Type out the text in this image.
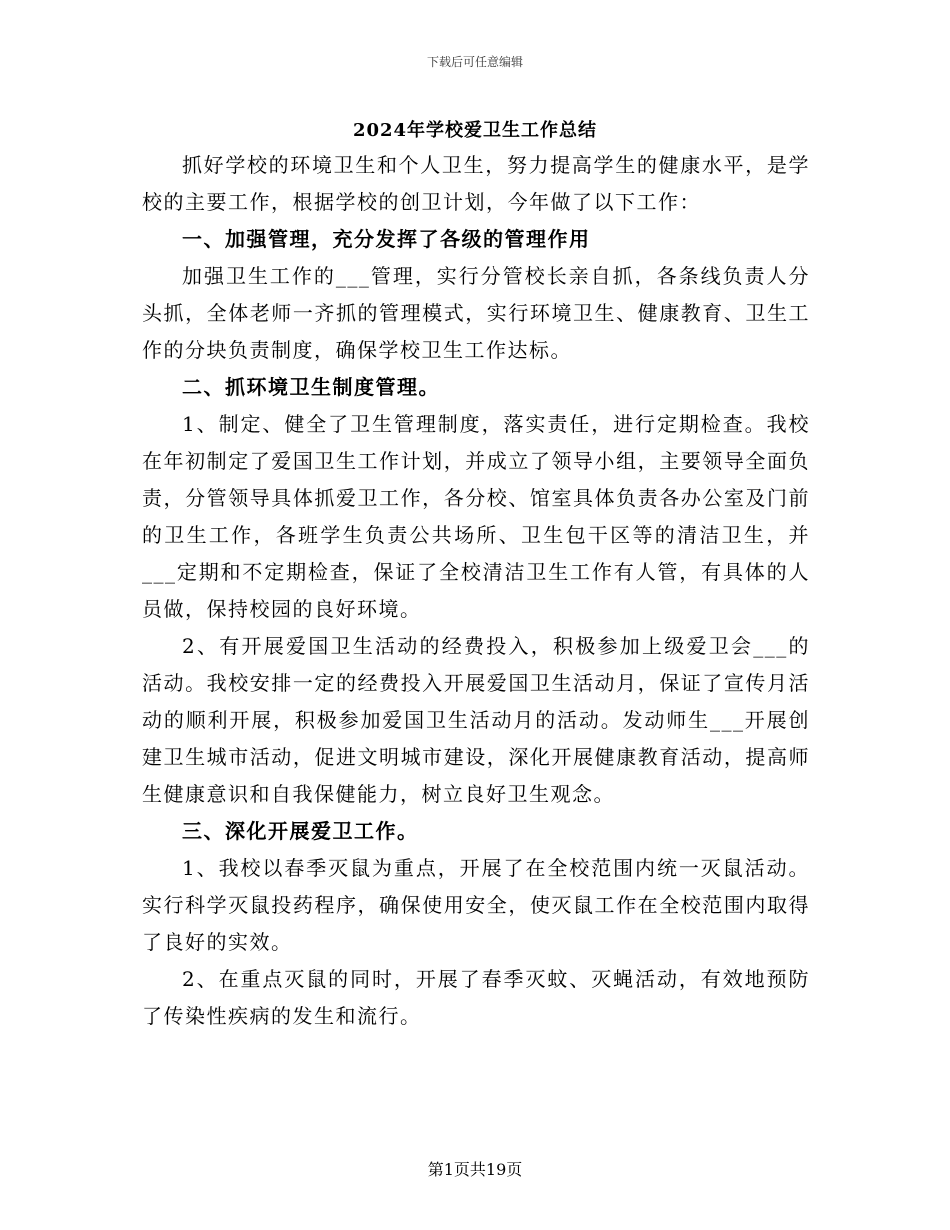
下载后可任意编辑
2024年学校爱卫生工作总结

抓好学校的环境卫生和个人卫生，努力提高学生的健康水平，是学校的主要工作，根据学校的创卫计划，今年做了以下工作：

一、加强管理，充分发挥了各级的管理作用

加强卫生工作的___管理，实行分管校长亲自抓，各条线负责人分头抓，全体老师一齐抓的管理模式，实行环境卫生、健康教育、卫生工作的分块负责制度，确保学校卫生工作达标。

二、抓环境卫生制度管理。

1、制定、健全了卫生管理制度，落实责任，进行定期检查。我校在年初制定了爱国卫生工作计划，并成立了领导小组，主要领导全面负责，分管领导具体抓爱卫工作，各分校、馆室具体负责各办公室及门前的卫生工作，各班学生负责公共场所、卫生包干区等的清洁卫生，并___定期和不定期检查，保证了全校清洁卫生工作有人管，有具体的人员做，保持校园的良好环境。

2、有开展爱国卫生活动的经费投入，积极参加上级爱卫会___的活动。我校安排一定的经费投入开展爱国卫生活动月，保证了宣传月活动的顺利开展，积极参加爱国卫生活动月的活动。发动师生___开展创建卫生城市活动，促进文明城市建设，深化开展健康教育活动，提高师生健康意识和自我保健能力，树立良好卫生观念。

三、深化开展爱卫工作。

1、我校以春季灭鼠为重点，开展了在全校范围内统一灭鼠活动。实行科学灭鼠投药程序，确保使用安全，使灭鼠工作在全校范围内取得了良好的实效。

2、在重点灭鼠的同时，开展了春季灭蚊、灭蝇活动，有效地预防了传染性疾病的发生和流行。

第1页共19页
